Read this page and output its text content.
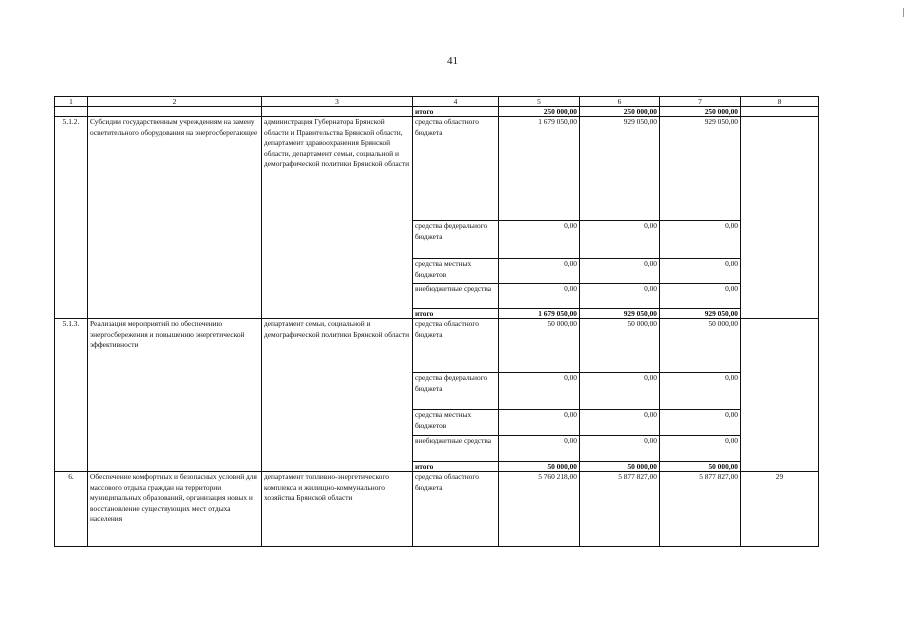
41
1	2	3	4	5	6	7	8
			итого	250 000,00	250 000,00	250 000,00	
5.1.2.	Субсидии государственным учреждениям на замену осветительного оборудования на энергосберегающее	администрация Губернатора Брянской области и Правительства Брянской области, департамент здравоохранения Брянской области, департамент семьи, социальной и демографической политики Брянской области	средства областного бюджета	1 679 050,00	929 050,00	929 050,00	
			средства федерального бюджета	0,00	0,00	0,00	
			средства местных бюджетов	0,00	0,00	0,00	
			внебюджетные средства	0,00	0,00	0,00	
			итого	1 679 050,00	929 050,00	929 050,00	
5.1.3.	Реализация мероприятий по обеспечению энергосбережения и повышению энергетической эффективности	департамент семьи, социальной и демографической политики Брянской области	средства областного бюджета	50 000,00	50 000,00	50 000,00	
			средства федерального бюджета	0,00	0,00	0,00	
			средства местных бюджетов	0,00	0,00	0,00	
			внебюджетные средства	0,00	0,00	0,00	
			итого	50 000,00	50 000,00	50 000,00	
6.	Обеспечение комфортных и безопасных условий для массового отдыха граждан на территории муниципальных образований, организация новых и восстановление существующих мест отдыха населения	департамент топливно-энергетического комплекса и жилищно-коммунального хозяйства Брянской области	средства областного бюджета	5 760 218,00	5 877 827,00	5 877 827,00	29
